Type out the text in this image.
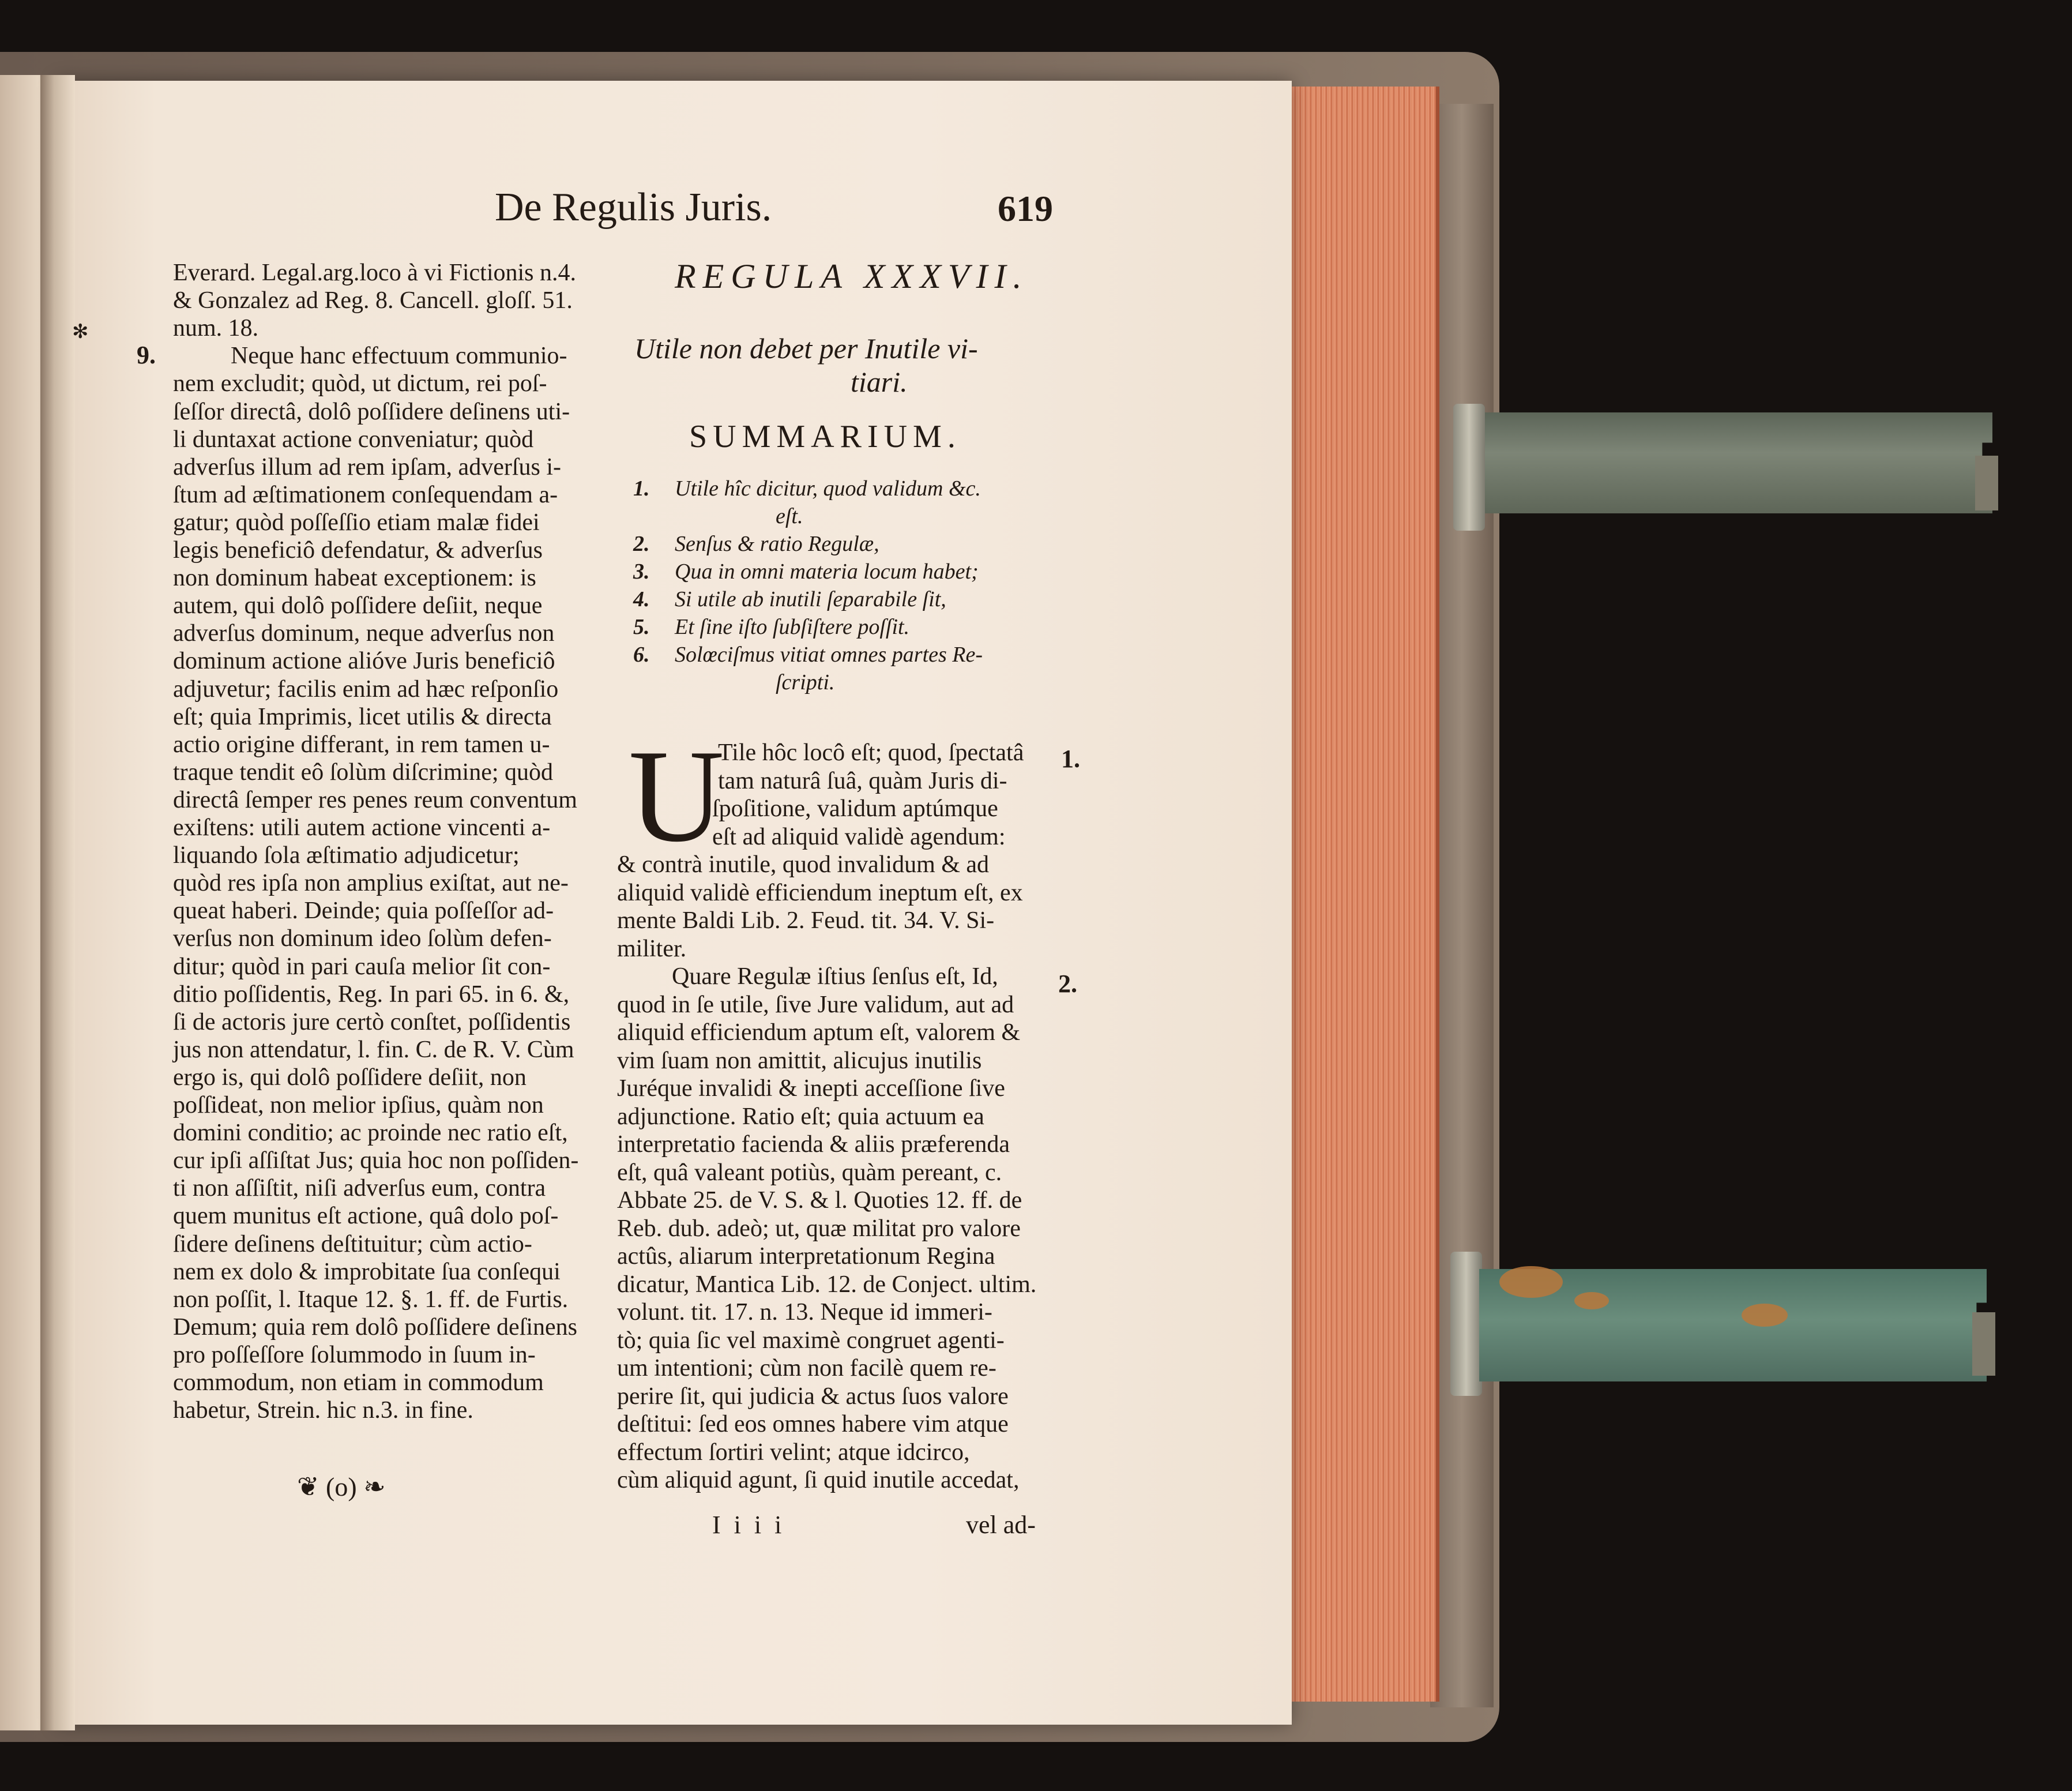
De Regulis Juris.	619
✻
9.
Everard. Legal.arg.loco à vi Fictionis n.4.
& Gonzalez ad Reg. 8. Cancell. gloſſ. 51.
num. 18.
Neque hanc effectuum communio-
nem excludit; quòd, ut dictum, rei poſ-
ſeſſor directâ, dolô poſſidere deſinens uti-
li duntaxat actione conveniatur; quòd
adverſus illum ad rem ipſam, adverſus i-
ſtum ad æſtimationem conſequendam a-
gatur; quòd poſſeſſio etiam malæ fidei
legis beneficiô defendatur, & adverſus
non dominum habeat exceptionem: is
autem, qui dolô poſſidere deſiit, neque
adverſus dominum, neque adverſus non
dominum actione alióve Juris beneficiô
adjuvetur; facilis enim ad hæc reſponſio
eſt; quia Imprimis, licet utilis & directa
actio origine differant, in rem tamen u-
traque tendit eô ſolùm diſcrimine; quòd
directâ ſemper res penes reum conventum
exiſtens: utili autem actione vincenti a-
liquando ſola æſtimatio adjudicetur;
quòd res ipſa non amplius exiſtat, aut ne-
queat haberi. Deinde; quia poſſeſſor ad-
verſus non dominum ideo ſolùm defen-
ditur; quòd in pari cauſa melior ſit con-
ditio poſſidentis, Reg. In pari 65. in 6. &,
ſi de actoris jure certò conſtet, poſſidentis
jus non attendatur, l. fin. C. de R. V. Cùm
ergo is, qui dolô poſſidere deſiit, non
poſſideat, non melior ipſius, quàm non
domini conditio; ac proinde nec ratio eſt,
cur ipſi aſſiſtat Jus; quia hoc non poſſiden-
ti non aſſiſtit, niſi adverſus eum, contra
quem munitus eſt actione, quâ dolo poſ-
ſidere deſinens deſtituitur; cùm actio-
nem ex dolo & improbitate ſua conſequi
non poſſit, l. Itaque 12. §. 1. ff. de Furtis.
Demum; quia rem dolô poſſidere deſinens
pro poſſeſſore ſolummodo in ſuum in-
commodum, non etiam in commodum
habetur, Strein. hic n.3. in fine.
❦ (o) ❧
REGULA XXXVII.
Utile non debet per Inutile vi-
tiari.
SUMMARIUM.
1. Utile hîc dicitur, quod validum &c.
eſt.
2. Senſus & ratio Regulæ,
3. Qua in omni materia locum habet;
4. Si utile ab inutili ſeparabile ſit,
5. Et ſine iſto ſubſiſtere poſſit.
6. Solœciſmus vitiat omnes partes Re-
ſcripti.
U
Tile hôc locô eſt; quod, ſpectatâ
tam naturâ ſuâ, quàm Juris di-
ſpoſitione, validum aptúmque
eſt ad aliquid validè agendum:
& contrà inutile, quod invalidum & ad
aliquid validè efficiendum ineptum eſt, ex
mente Baldi Lib. 2. Feud. tit. 34. V. Si-
militer.
Quare Regulæ iſtius ſenſus eſt, Id,
quod in ſe utile, ſive Jure validum, aut ad
aliquid efficiendum aptum eſt, valorem &
vim ſuam non amittit, alicujus inutilis
Juréque invalidi & inepti acceſſione ſive
adjunctione. Ratio eſt; quia actuum ea
interpretatio facienda & aliis præferenda
eſt, quâ valeant potiùs, quàm pereant, c.
Abbate 25. de V. S. & l. Quoties 12. ff. de
Reb. dub. adeò; ut, quæ militat pro valore
actûs, aliarum interpretationum Regina
dicatur, Mantica Lib. 12. de Conject. ultim.
volunt. tit. 17. n. 13. Neque id immeri-
tò; quia ſic vel maximè congruet agenti-
um intentioni; cùm non facilè quem re-
perire ſit, qui judicia & actus ſuos valore
deſtitui: ſed eos omnes habere vim atque
effectum ſortiri velint; atque idcirco,
cùm aliquid agunt, ſi quid inutile accedat,
1.
2.
I i i i	vel ad-
